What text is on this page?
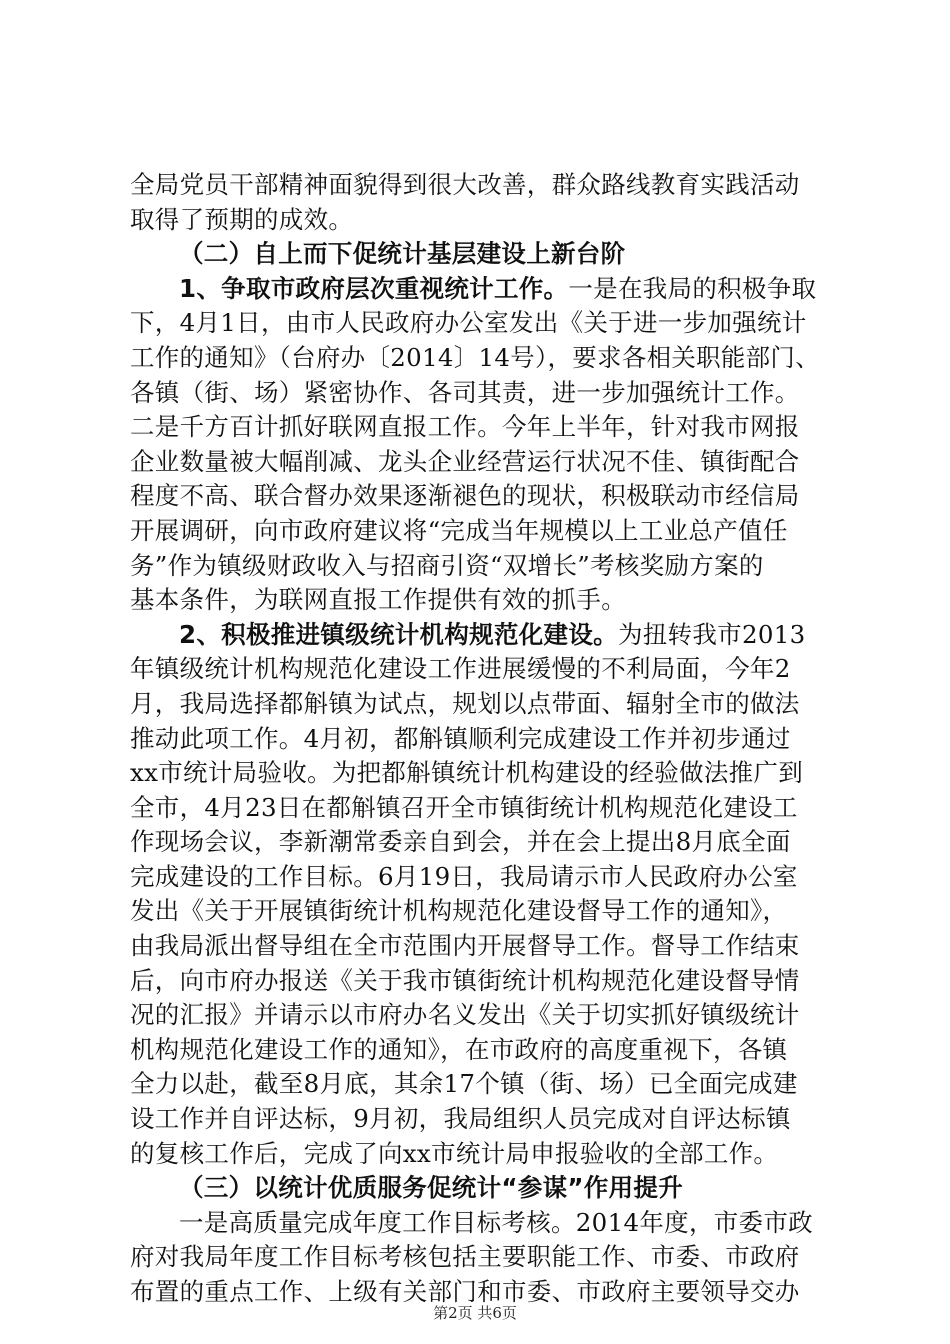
全局党员干部精神面貌得到很大改善，群众路线教育实践活动
取得了预期的成效。
（二）自上而下促统计基层建设上新台阶
1、争取市政府层次重视统计工作。一是在我局的积极争取
下，4月1日，由市人民政府办公室发出《关于进一步加强统计
工作的通知》（台府办〔2014〕14号），要求各相关职能部门、
各镇（街、场）紧密协作、各司其责，进一步加强统计工作。
二是千方百计抓好联网直报工作。今年上半年，针对我市网报
企业数量被大幅削减、龙头企业经营运行状况不佳、镇街配合
程度不高、联合督办效果逐渐褪色的现状，积极联动市经信局
开展调研，向市政府建议将“完成当年规模以上工业总产值任
务”作为镇级财政收入与招商引资“双增长”考核奖励方案的
基本条件，为联网直报工作提供有效的抓手。
2、积极推进镇级统计机构规范化建设。为扭转我市2013
年镇级统计机构规范化建设工作进展缓慢的不利局面，今年2
月，我局选择都斛镇为试点，规划以点带面、辐射全市的做法
推动此项工作。4月初，都斛镇顺利完成建设工作并初步通过
xx市统计局验收。为把都斛镇统计机构建设的经验做法推广到
全市，4月23日在都斛镇召开全市镇街统计机构规范化建设工
作现场会议，李新潮常委亲自到会，并在会上提出8月底全面
完成建设的工作目标。6月19日，我局请示市人民政府办公室
发出《关于开展镇街统计机构规范化建设督导工作的通知》，
由我局派出督导组在全市范围内开展督导工作。督导工作结束
后，向市府办报送《关于我市镇街统计机构规范化建设督导情
况的汇报》并请示以市府办名义发出《关于切实抓好镇级统计
机构规范化建设工作的通知》，在市政府的高度重视下，各镇
全力以赴，截至8月底，其余17个镇（街、场）已全面完成建
设工作并自评达标，9月初，我局组织人员完成对自评达标镇
的复核工作后，完成了向xx市统计局申报验收的全部工作。
（三）以统计优质服务促统计“参谋”作用提升
一是高质量完成年度工作目标考核。2014年度，市委市政
府对我局年度工作目标考核包括主要职能工作、市委、市政府
布置的重点工作、上级有关部门和市委、市政府主要领导交办
第2页 共6页
